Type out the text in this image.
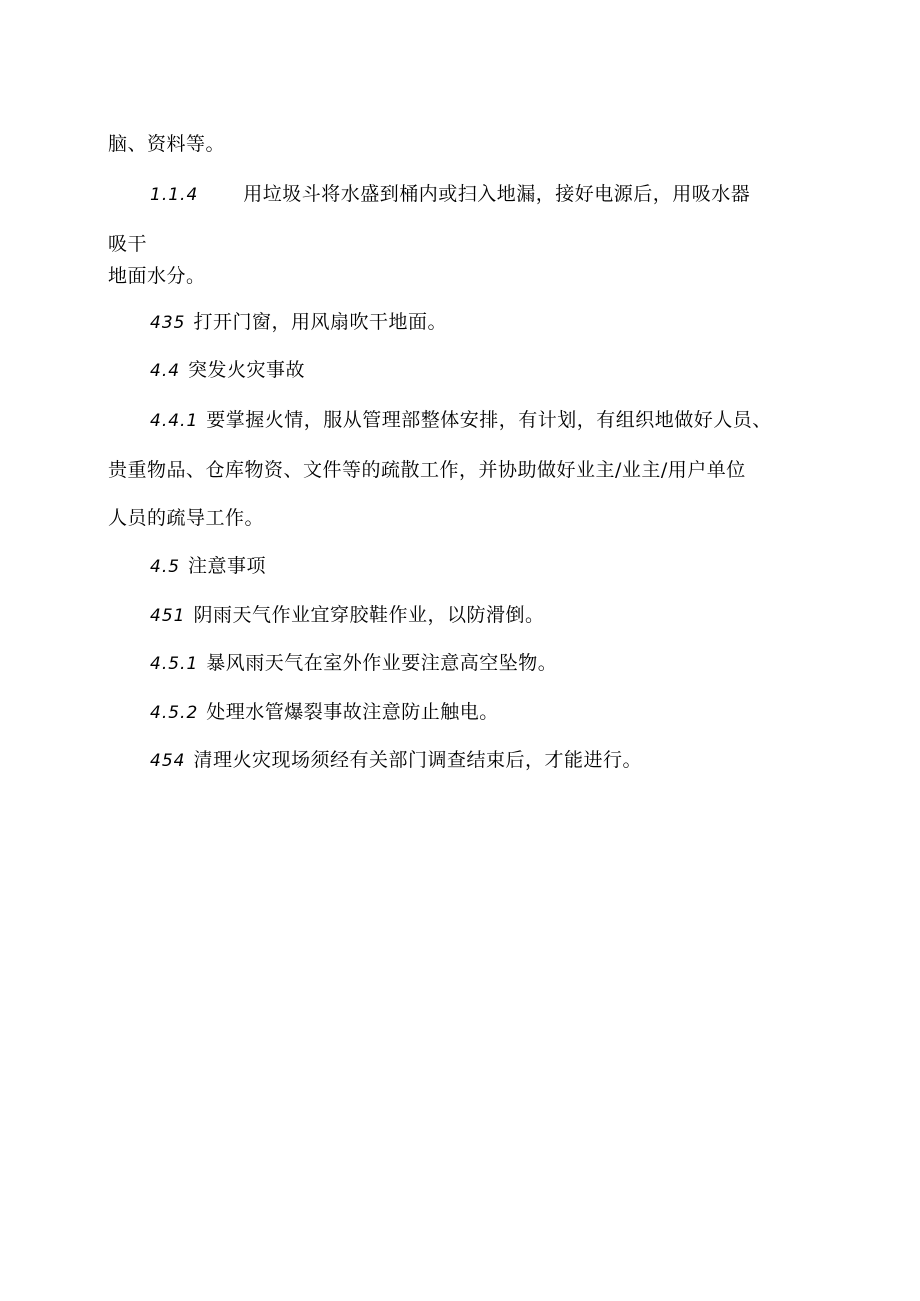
脑、资料等。
1.1.4 用垃圾斗将水盛到桶内或扫入地漏，接好电源后，用吸水器
吸干
地面水分。
435 打开门窗，用风扇吹干地面。
4.4 突发火灾事故
4.4.1 要掌握火情，服从管理部整体安排，有计划，有组织地做好人员、
贵重物品、仓库物资、文件等的疏散工作，并协助做好业主/业主/用户单位
人员的疏导工作。
4.5 注意事项
451 阴雨天气作业宜穿胶鞋作业，以防滑倒。
4.5.1 暴风雨天气在室外作业要注意高空坠物。
4.5.2 处理水管爆裂事故注意防止触电。
454 清理火灾现场须经有关部门调查结束后，才能进行。
